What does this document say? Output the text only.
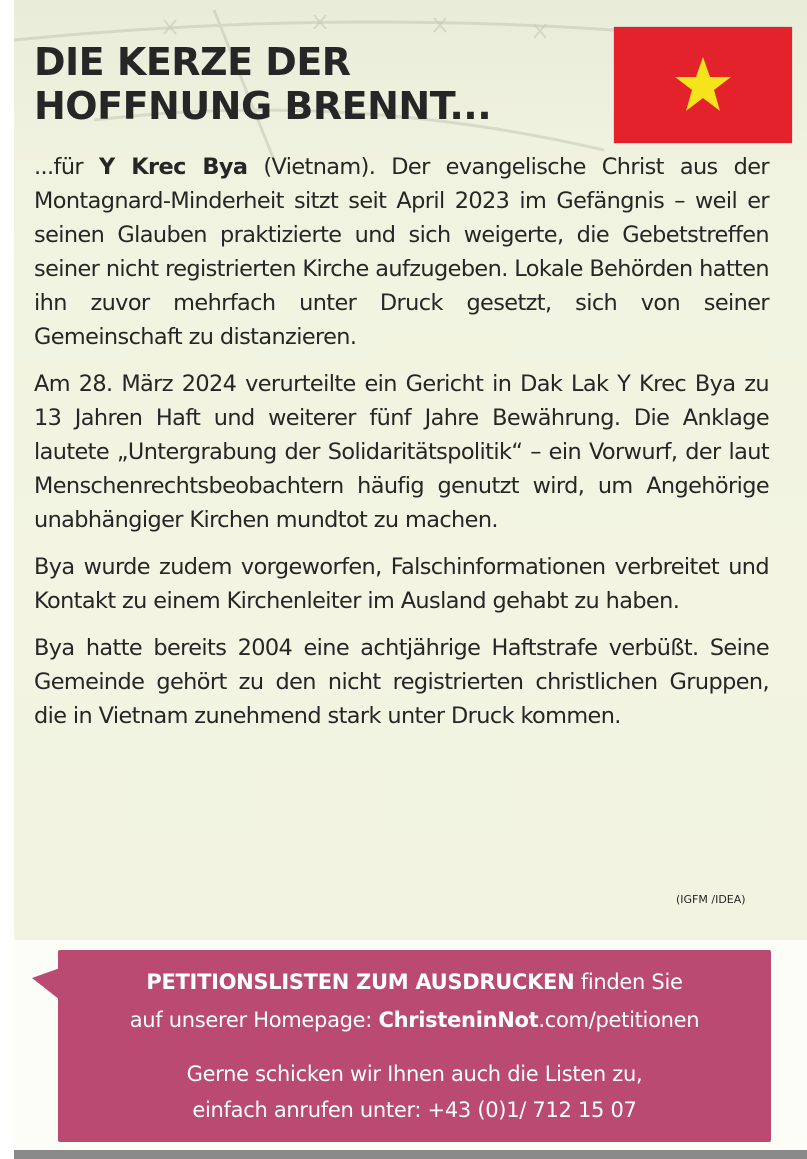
DIE KERZE DER
HOFFNUNG BRENNT...

...für Y Krec Bya (Vietnam). Der evangelische Christ aus der Montagnard-Minderheit sitzt seit April 2023 im Gefängnis – weil er seinen Glauben praktizierte und sich weigerte, die Gebetstreffen seiner nicht registrierten Kirche aufzugeben. Lokale Behörden hatten ihn zuvor mehrfach unter Druck gesetzt, sich von seiner Gemeinschaft zu distanzieren.

Am 28. März 2024 verurteilte ein Gericht in Dak Lak Y Krec Bya zu 13 Jahren Haft und weiterer fünf Jahre Bewährung. Die Anklage lautete „Untergrabung der Solidaritätspolitik“ – ein Vorwurf, der laut Menschenrechtsbeobachtern häufig genutzt wird, um Angehörige unabhängiger Kirchen mundtot zu machen.

Bya wurde zudem vorgeworfen, Falschinformationen verbreitet und Kontakt zu einem Kirchenleiter im Ausland gehabt zu haben.

Bya hatte bereits 2004 eine achtjährige Haftstrafe verbüßt. Seine Gemeinde gehört zu den nicht registrierten christlichen Gruppen, die in Vietnam zunehmend stark unter Druck kommen.

(IGFM /IDEA)
PETITIONSLISTEN ZUM AUSDRUCKEN finden Sie
auf unserer Homepage: ChristeninNot.com/petitionen
Gerne schicken wir Ihnen auch die Listen zu,
einfach anrufen unter: +43 (0)1/ 712 15 07
